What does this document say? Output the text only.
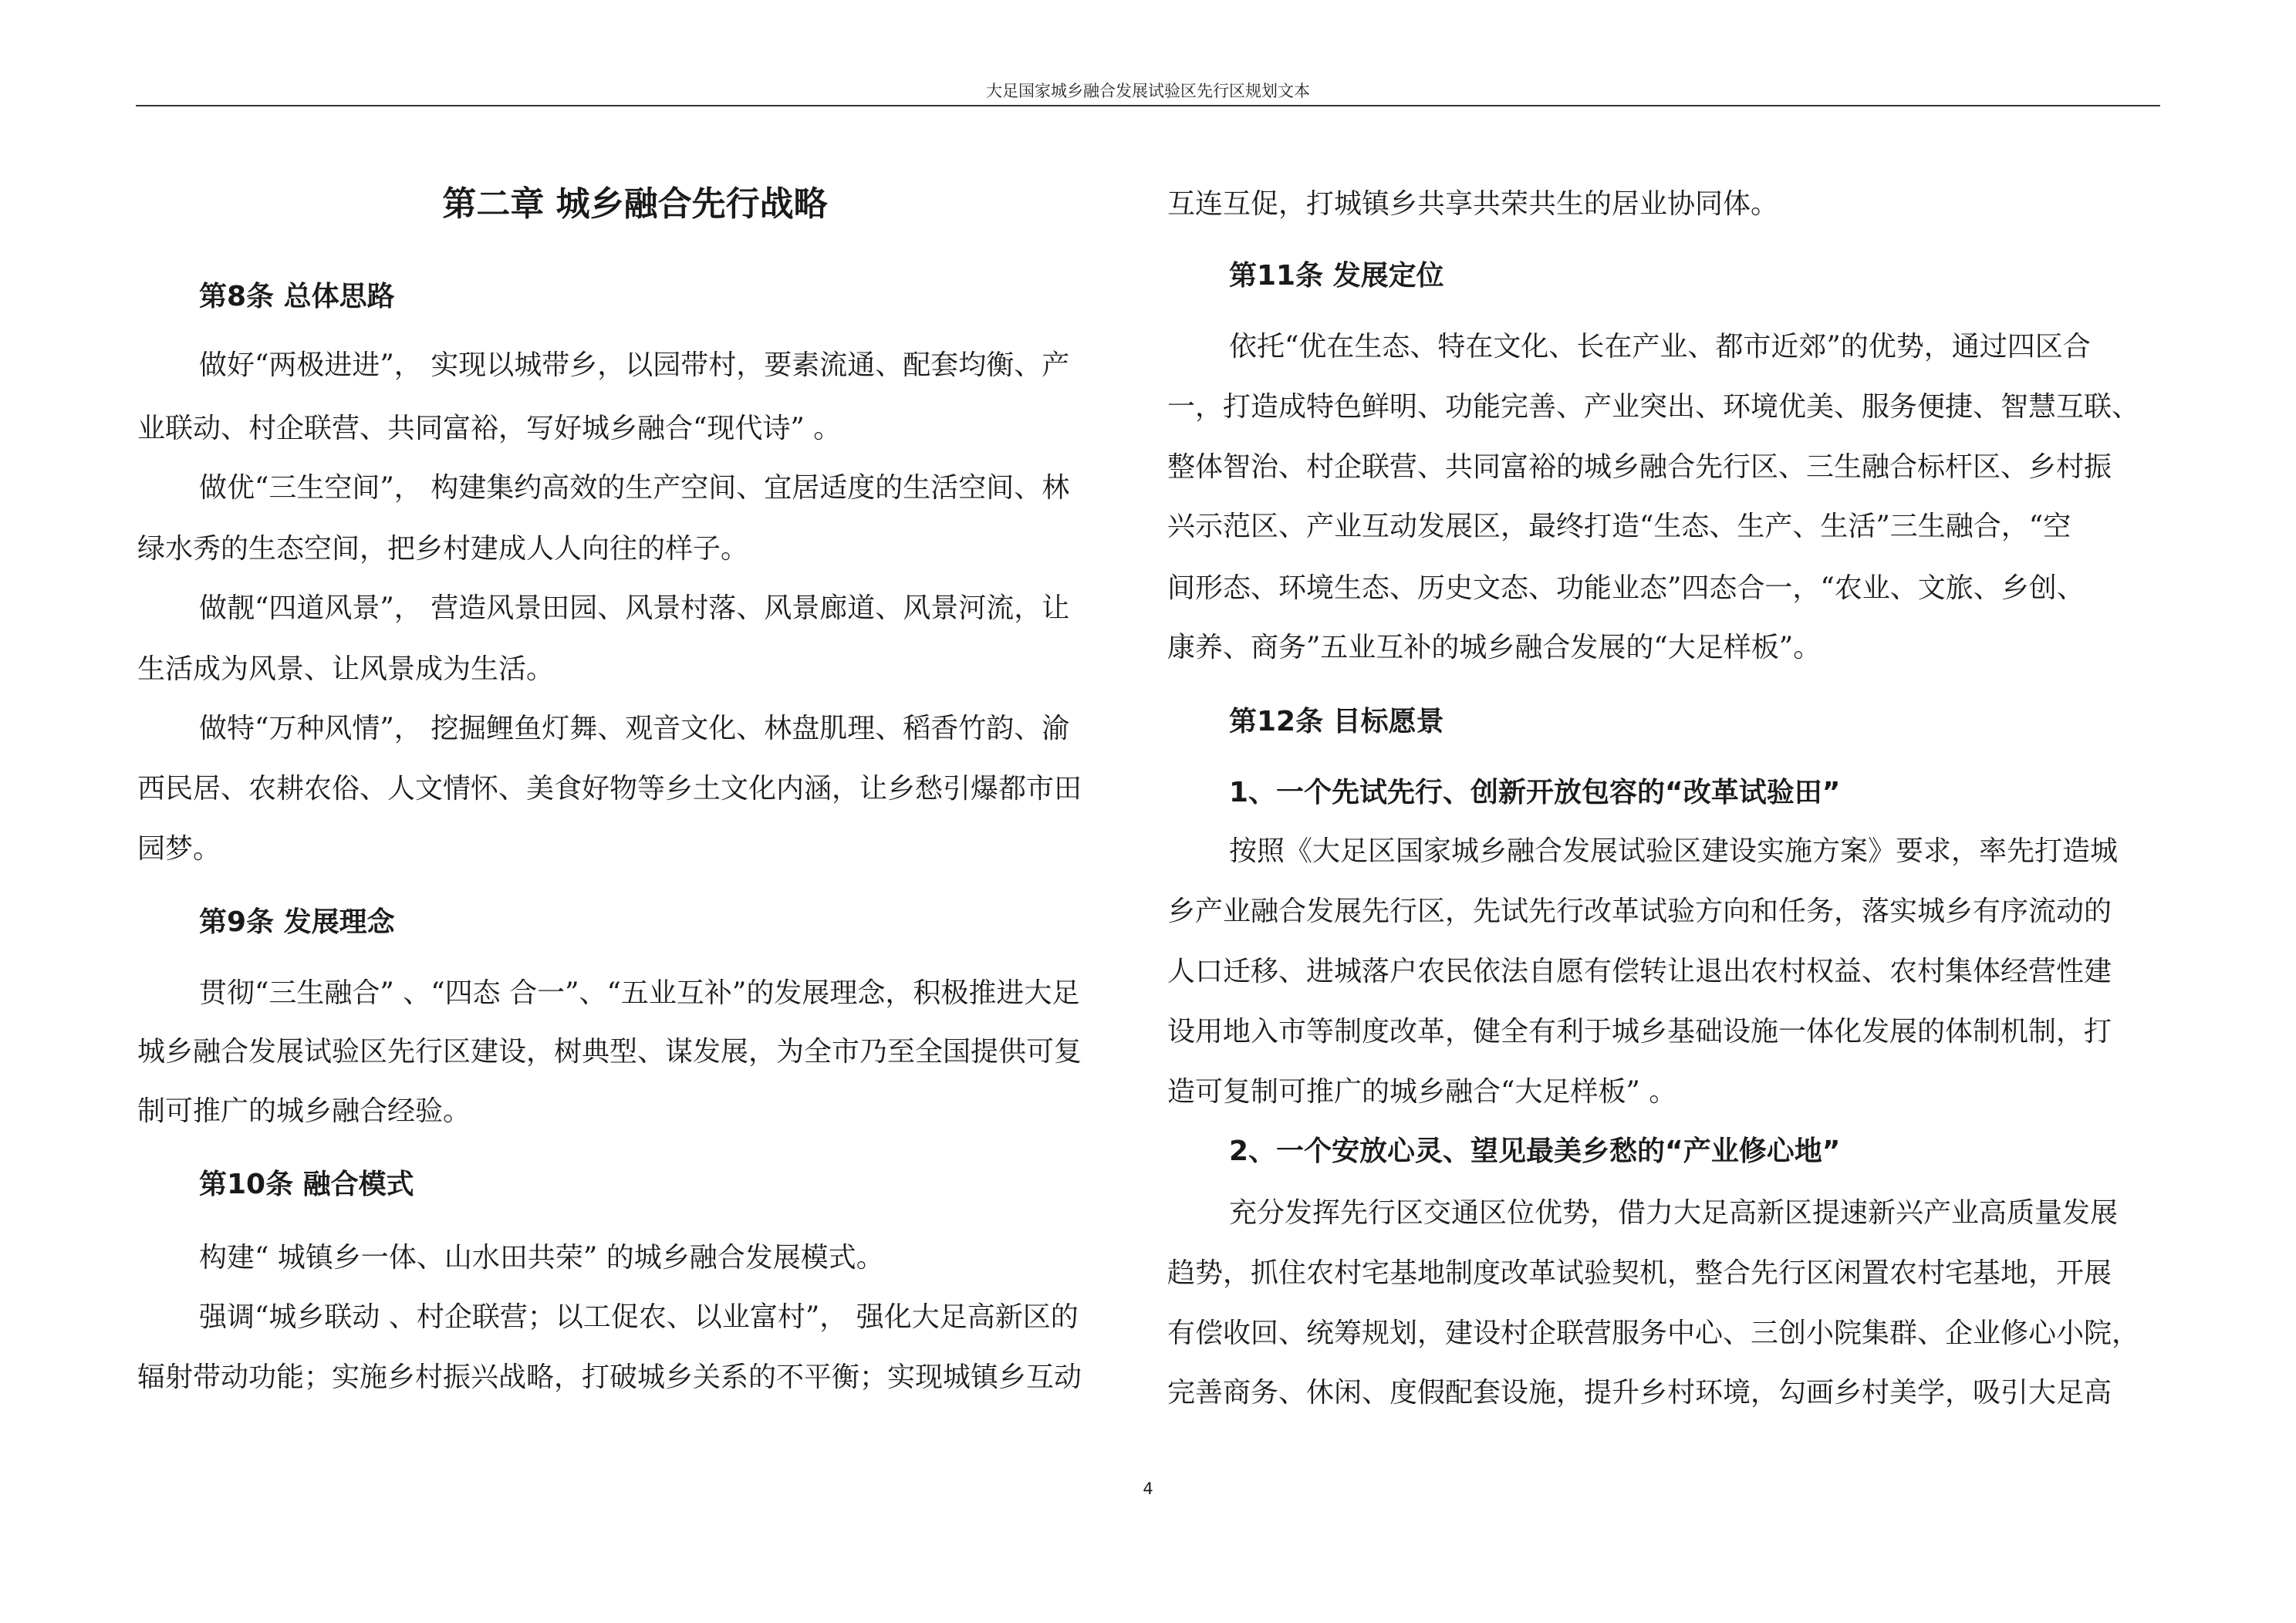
大足国家城乡融合发展试验区先行区规划文本
第二章 城乡融合先行战略
第8条 总体思路
做好“两极进进”， 实现以城带乡，以园带村，要素流通、配套均衡、产
业联动、村企联营、共同富裕，写好城乡融合“现代诗” 。
做优“三生空间”， 构建集约高效的生产空间、宜居适度的生活空间、林
绿水秀的生态空间，把乡村建成人人向往的样子。
做靓“四道风景”， 营造风景田园、风景村落、风景廊道、风景河流，让
生活成为风景、让风景成为生活。
做特“万种风情”， 挖掘鲤鱼灯舞、观音文化、林盘肌理、稻香竹韵、渝
西民居、农耕农俗、人文情怀、美食好物等乡土文化内涵，让乡愁引爆都市田
园梦。
第9条 发展理念
贯彻“三生融合” 、“四态 合一”、“五业互补”的发展理念，积极推进大足
城乡融合发展试验区先行区建设，树典型、谋发展，为全市乃至全国提供可复
制可推广的城乡融合经验。
第10条 融合模式
构建“ 城镇乡一体、山水田共荣” 的城乡融合发展模式。
强调“城乡联动 、村企联营；以工促农、以业富村”， 强化大足高新区的
辐射带动功能；实施乡村振兴战略，打破城乡关系的不平衡；实现城镇乡互动
互连互促，打城镇乡共享共荣共生的居业协同体。
第11条 发展定位
依托“优在生态、特在文化、长在产业、都市近郊”的优势，通过四区合
一，打造成特色鲜明、功能完善、产业突出、环境优美、服务便捷、智慧互联、
整体智治、村企联营、共同富裕的城乡融合先行区、三生融合标杆区、乡村振
兴示范区、产业互动发展区，最终打造“生态、生产、生活”三生融合，“空
间形态、环境生态、历史文态、功能业态”四态合一，“农业、文旅、乡创、
康养、商务”五业互补的城乡融合发展的“大足样板”。
第12条 目标愿景
1、一个先试先行、创新开放包容的“改革试验田”
按照《大足区国家城乡融合发展试验区建设实施方案》要求，率先打造城
乡产业融合发展先行区，先试先行改革试验方向和任务，落实城乡有序流动的
人口迁移、进城落户农民依法自愿有偿转让退出农村权益、农村集体经营性建
设用地入市等制度改革，健全有利于城乡基础设施一体化发展的体制机制，打
造可复制可推广的城乡融合“大足样板” 。
2、一个安放心灵、望见最美乡愁的“产业修心地”
充分发挥先行区交通区位优势，借力大足高新区提速新兴产业高质量发展
趋势，抓住农村宅基地制度改革试验契机，整合先行区闲置农村宅基地，开展
有偿收回、统筹规划，建设村企联营服务中心、三创小院集群、企业修心小院，
完善商务、休闲、度假配套设施，提升乡村环境，勾画乡村美学，吸引大足高
4
